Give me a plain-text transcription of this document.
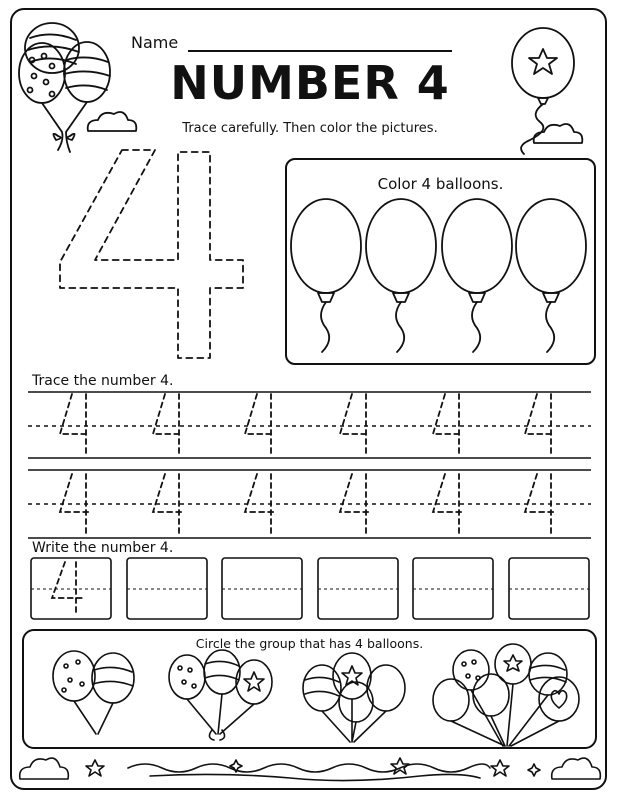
Name
NUMBER 4
Trace carefully. Then color the pictures.
Color 4 balloons.
Trace the number 4.
Write the number 4.
Circle the group that has 4 balloons.
